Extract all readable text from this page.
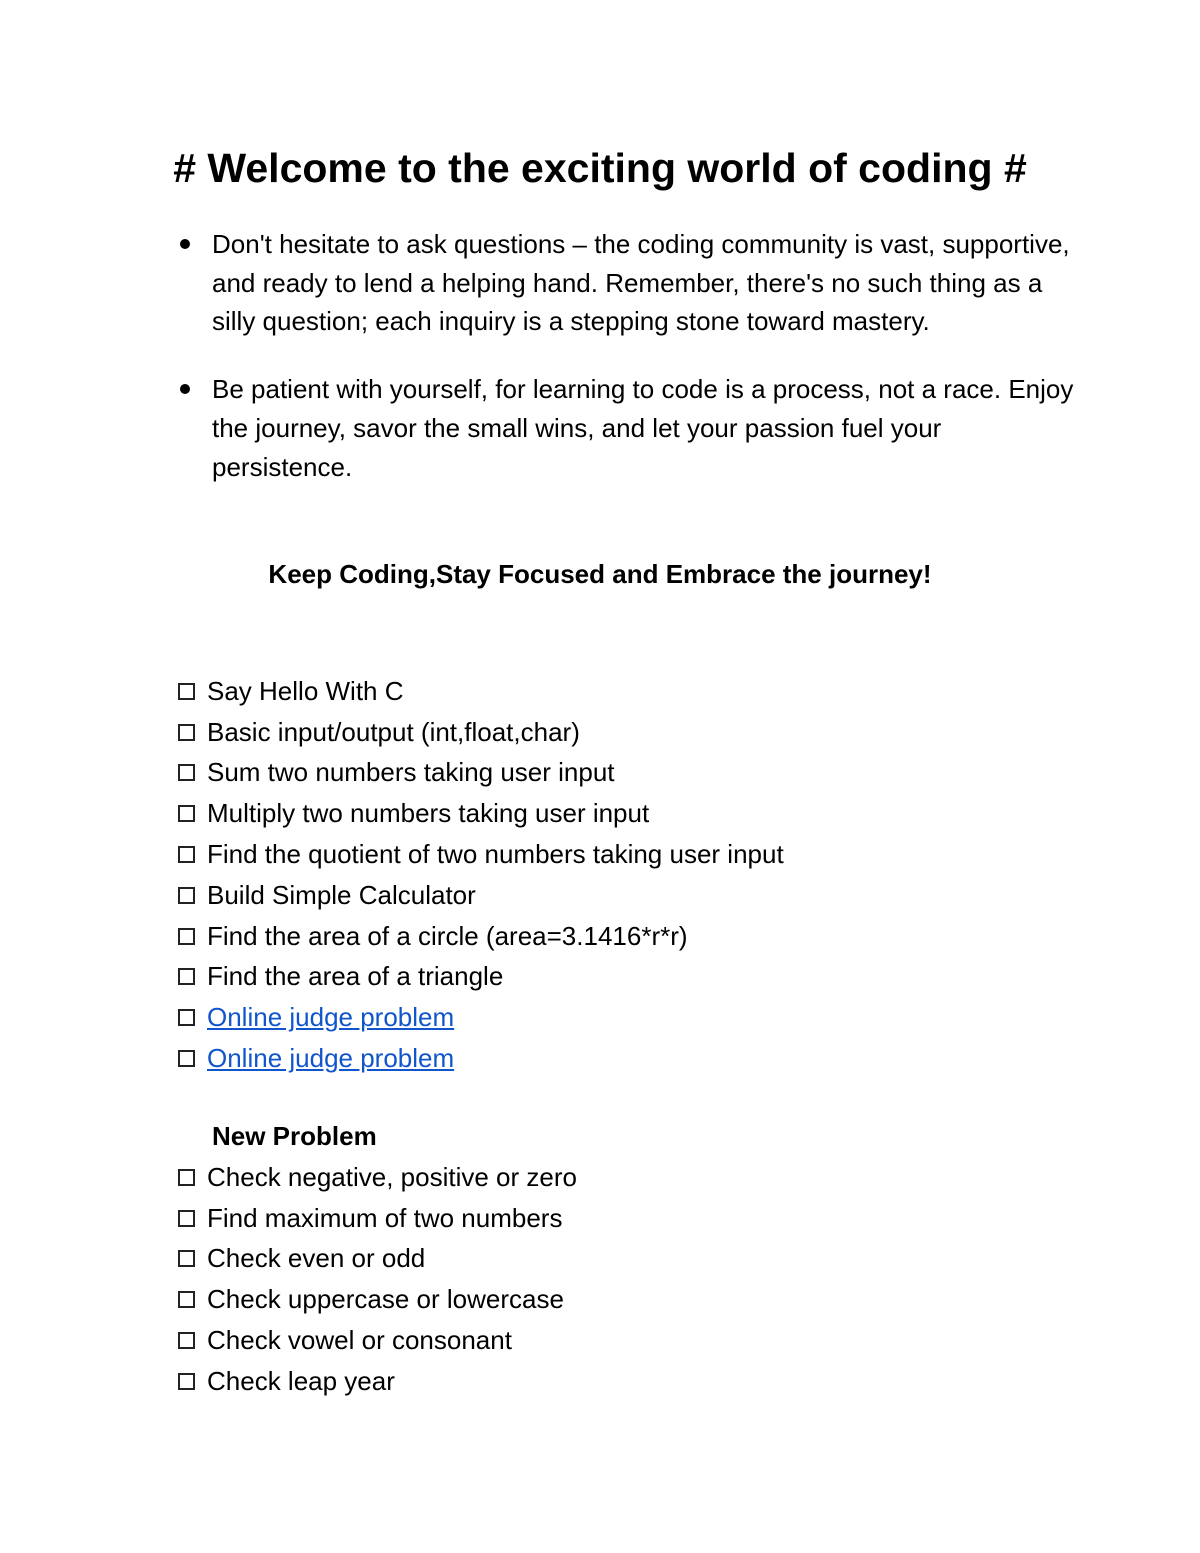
# Welcome to the exciting world of coding #
Don't hesitate to ask questions – the coding community is vast, supportive, and ready to lend a helping hand. Remember, there's no such thing as a silly question; each inquiry is a stepping stone toward mastery.
Be patient with yourself, for learning to code is a process, not a race. Enjoy the journey, savor the small wins, and let your passion fuel your persistence.

Keep Coding,Stay Focused and Embrace the journey!

Say Hello With C
Basic input/output (int,float,char)
Sum two numbers taking user input
Multiply two numbers taking user input
Find the quotient of two numbers taking user input
Build Simple Calculator
Find the area of a circle (area=3.1416*r*r)
Find the area of a triangle
Online judge problem
Online judge problem

New Problem

Check negative, positive or zero
Find maximum of two numbers
Check even or odd
Check uppercase or lowercase
Check vowel or consonant
Check leap year
